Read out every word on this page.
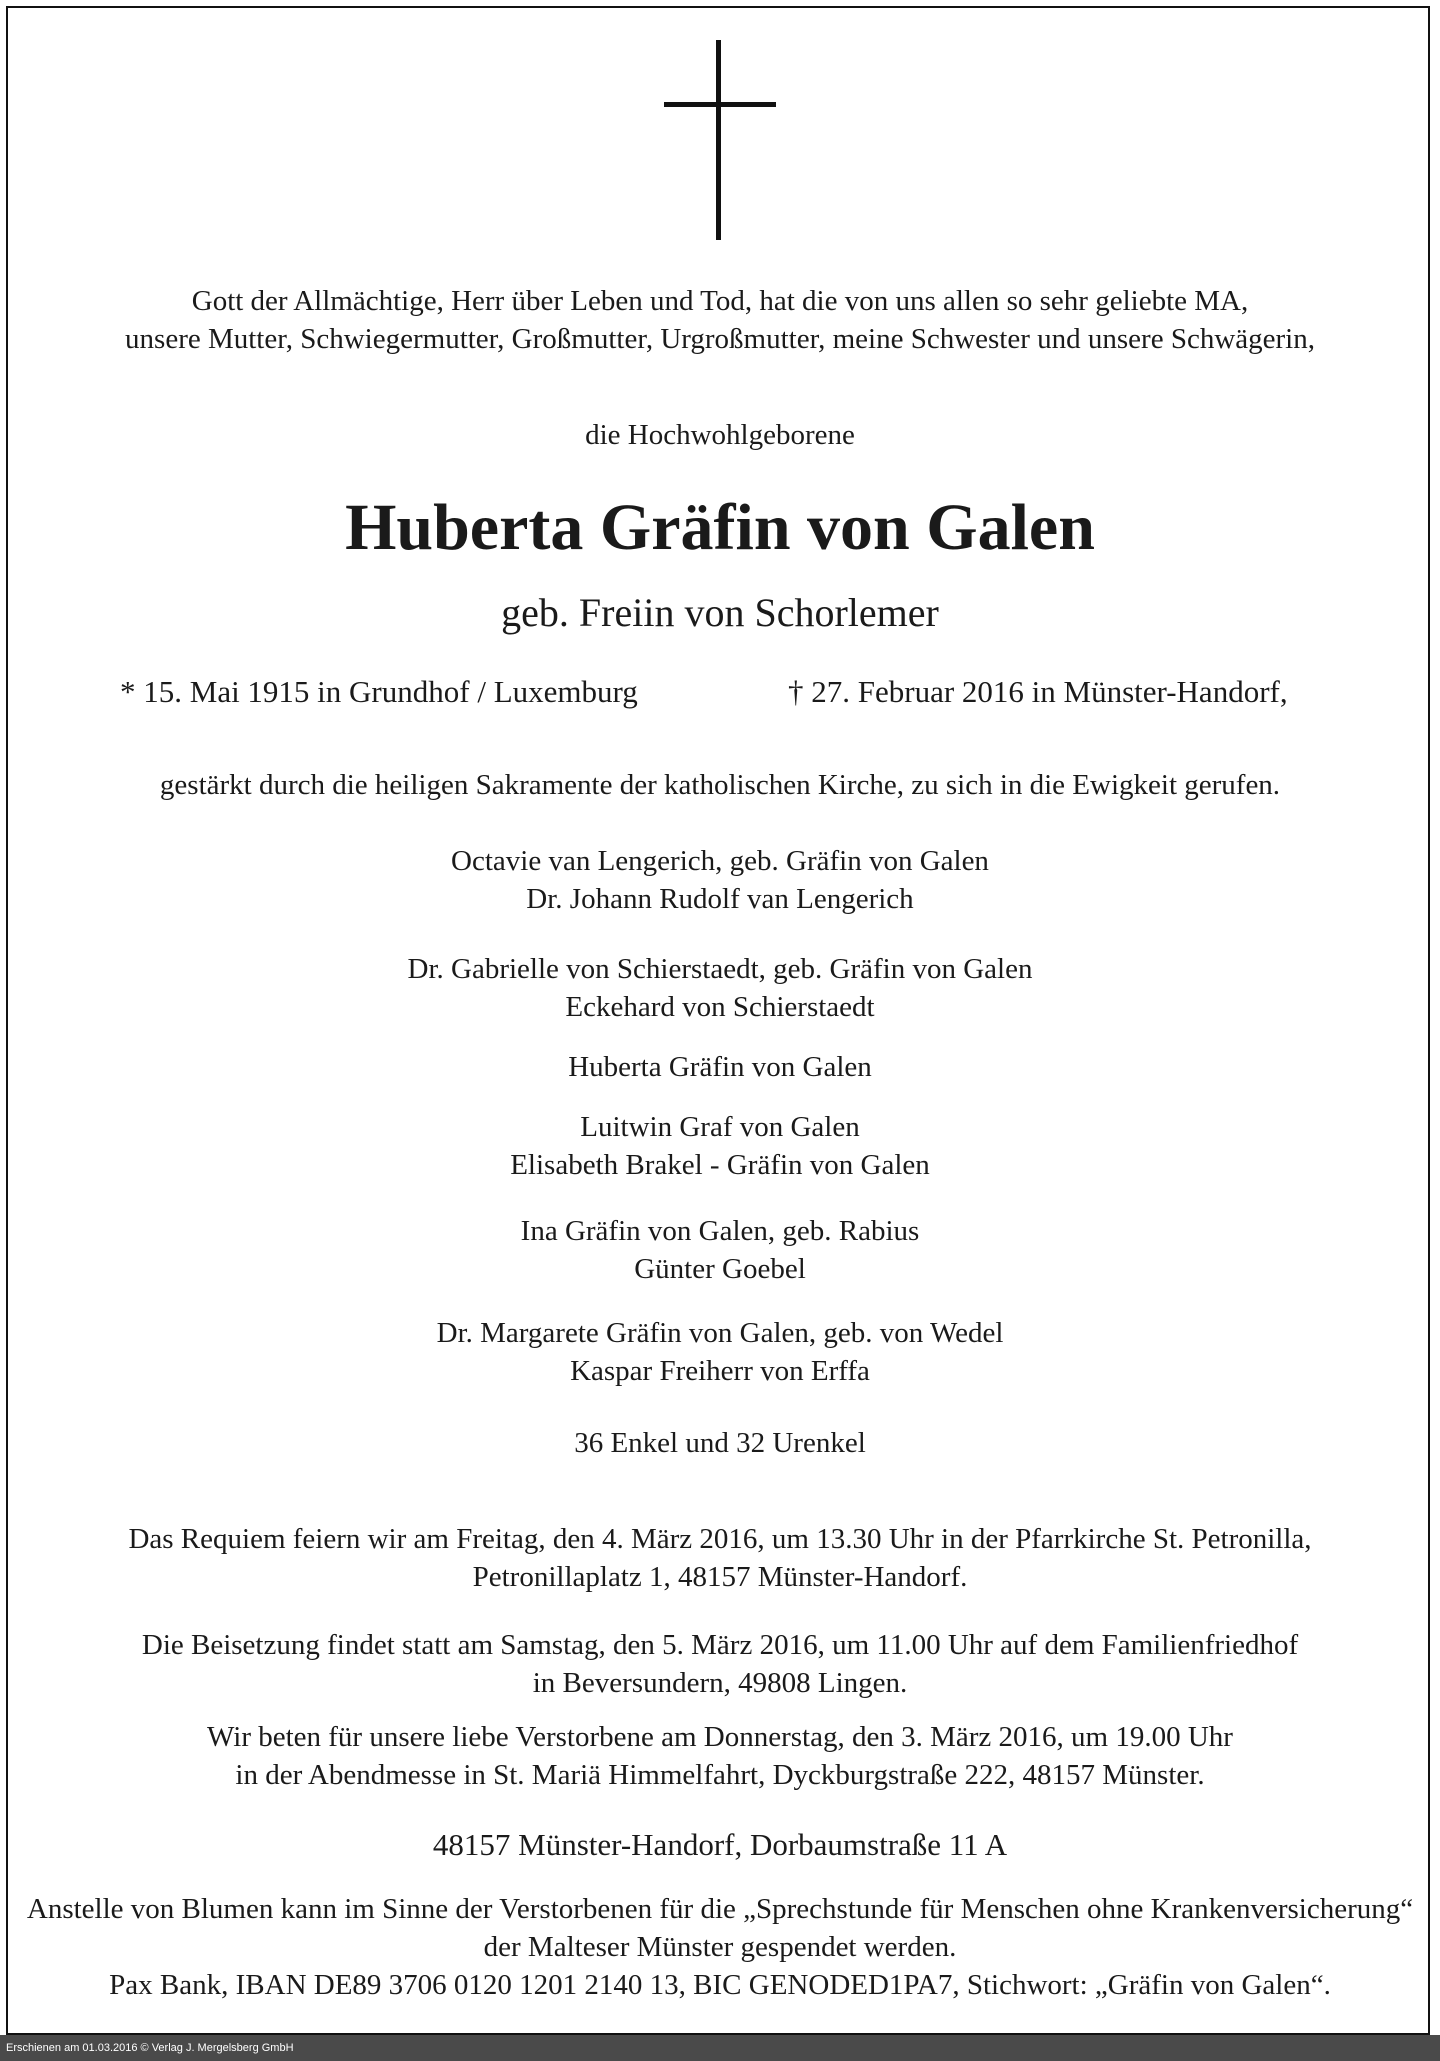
Gott der Allmächtige, Herr über Leben und Tod, hat die von uns allen so sehr geliebte MA,
unsere Mutter, Schwiegermutter, Großmutter, Urgroßmutter, meine Schwester und unsere Schwägerin,
die Hochwohlgeborene
Huberta Gräfin von Galen
geb. Freiin von Schorlemer
* 15. Mai 1915 in Grundhof / Luxemburg	† 27. Februar 2016 in Münster-Handorf,
gestärkt durch die heiligen Sakramente der katholischen Kirche, zu sich in die Ewigkeit gerufen.
Octavie van Lengerich, geb. Gräfin von Galen
Dr. Johann Rudolf van Lengerich
Dr. Gabrielle von Schierstaedt, geb. Gräfin von Galen
Eckehard von Schierstaedt
Huberta Gräfin von Galen
Luitwin Graf von Galen
Elisabeth Brakel - Gräfin von Galen
Ina Gräfin von Galen, geb. Rabius
Günter Goebel
Dr. Margarete Gräfin von Galen, geb. von Wedel
Kaspar Freiherr von Erffa
36 Enkel und 32 Urenkel
Das Requiem feiern wir am Freitag, den 4. März 2016, um 13.30 Uhr in der Pfarrkirche St. Petronilla,
Petronillaplatz 1, 48157 Münster-Handorf.
Die Beisetzung findet statt am Samstag, den 5. März 2016, um 11.00 Uhr auf dem Familienfriedhof
in Beversundern, 49808 Lingen.
Wir beten für unsere liebe Verstorbene am Donnerstag, den 3. März 2016, um 19.00 Uhr
in der Abendmesse in St. Mariä Himmelfahrt, Dyckburgstraße 222, 48157 Münster.
48157 Münster-Handorf, Dorbaumstraße 11 A
Anstelle von Blumen kann im Sinne der Verstorbenen für die „Sprechstunde für Menschen ohne Krankenversicherung“
der Malteser Münster gespendet werden.
Pax Bank, IBAN DE89 3706 0120 1201 2140 13, BIC GENODED1PA7, Stichwort: „Gräfin von Galen“.
Erschienen am 01.03.2016 © Verlag J. Mergelsberg GmbH
